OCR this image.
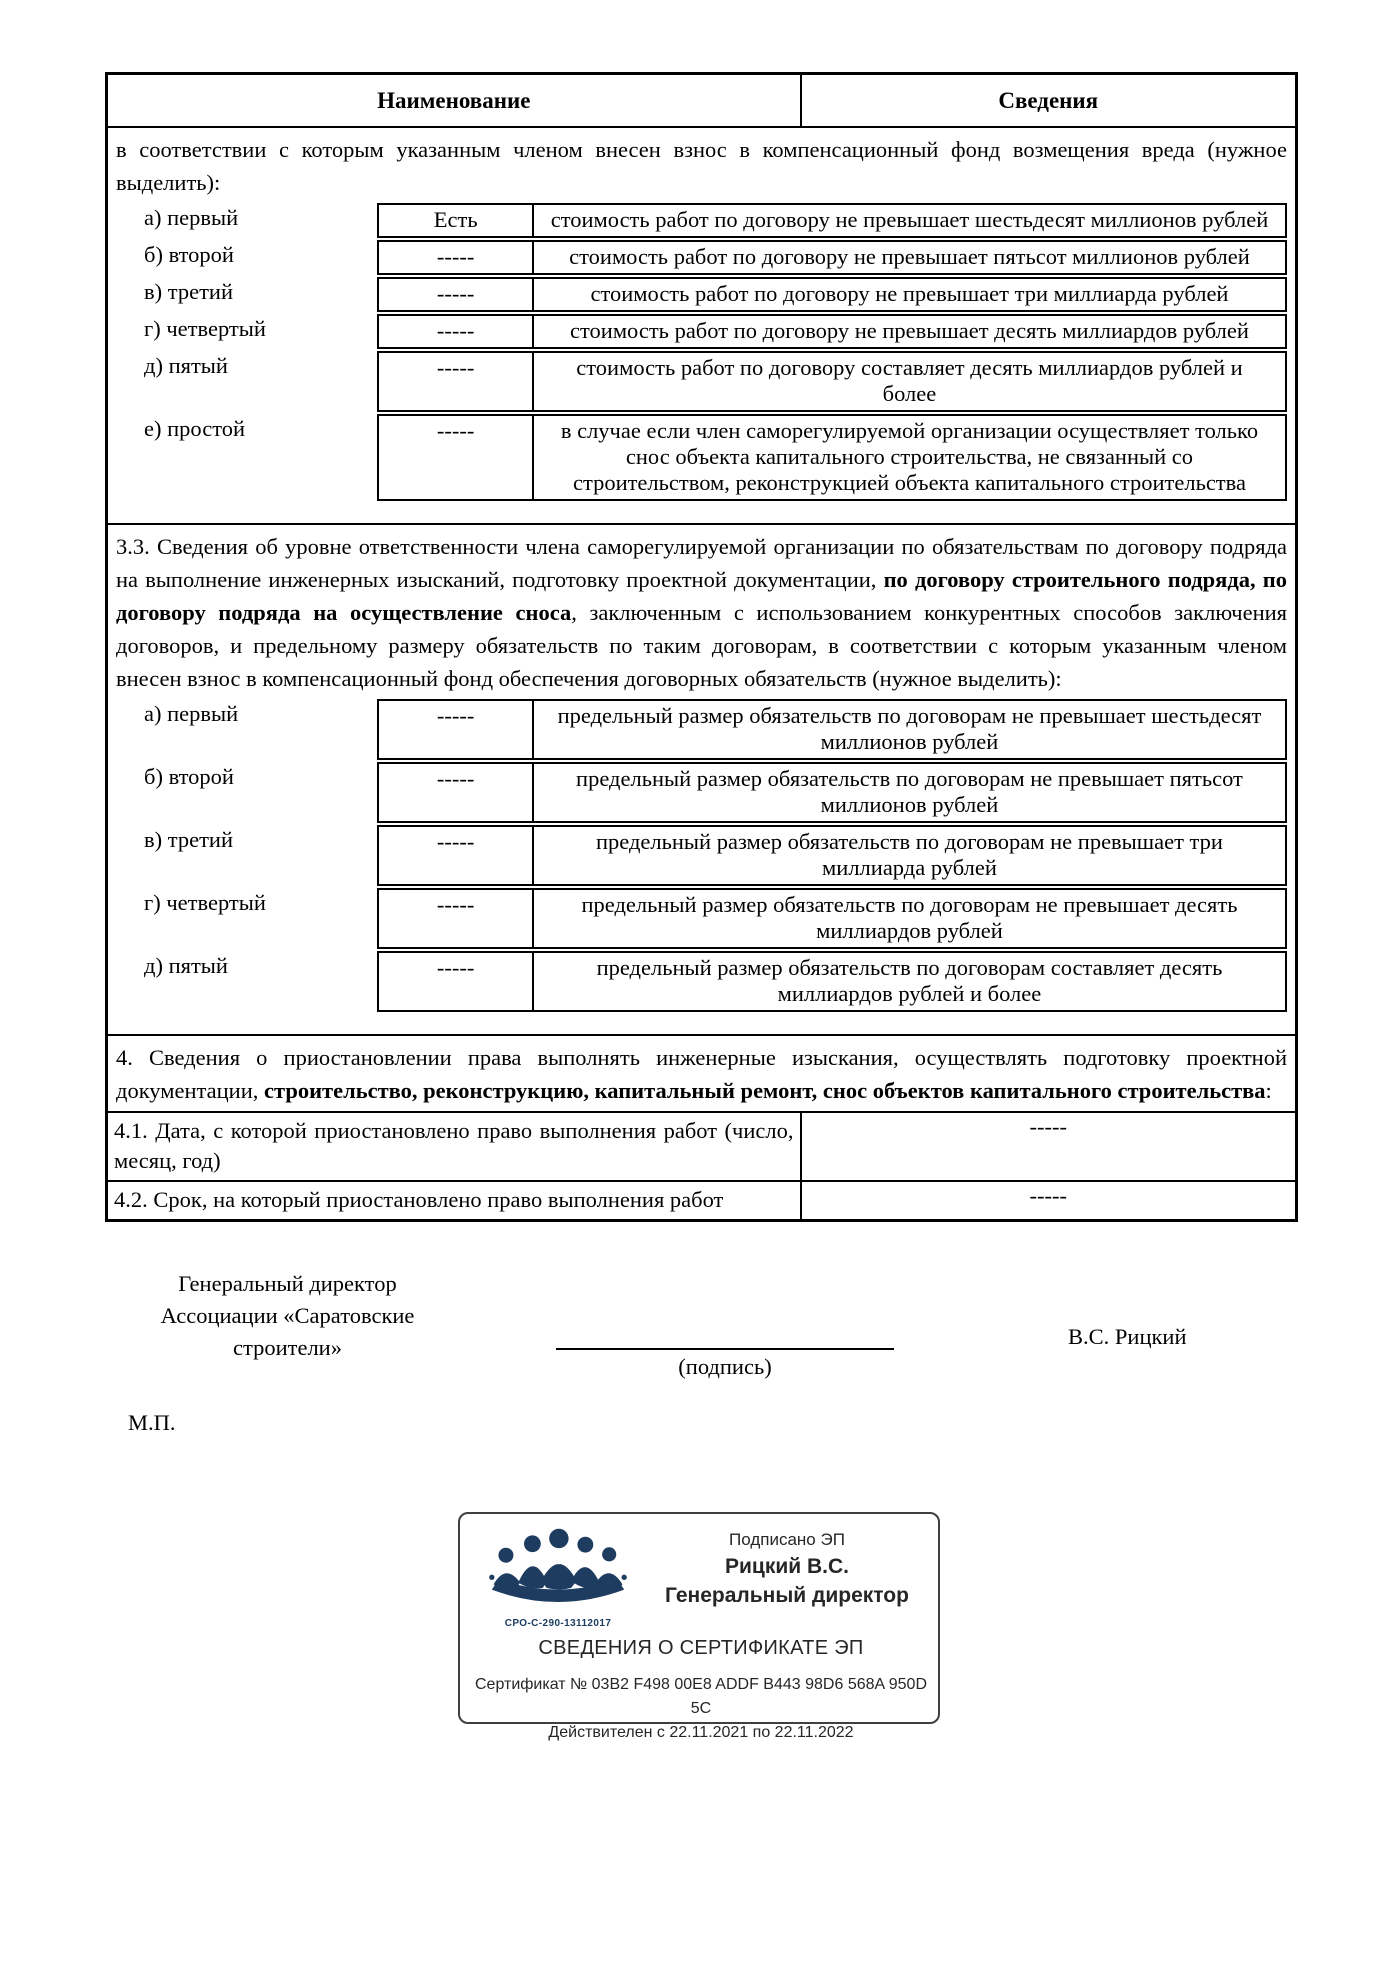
Наименование	Сведения

в соответствии с которым указанным членом внесен взнос в компенсационный фонд возмещения вреда (нужное выделить):

а) первый	Есть	стоимость работ по договору не превышает шестьдесят миллионов рублей
б) второй	-----	стоимость работ по договору не превышает пятьсот миллионов рублей
в) третий	-----	стоимость работ по договору не превышает три миллиарда рублей
г) четвертый	-----	стоимость работ по договору не превышает десять миллиардов рублей
д) пятый	-----	стоимость работ по договору составляет десять миллиардов рублей и более
е) простой	-----	в случае если член саморегулируемой организации осуществляет только снос объекта капитального строительства, не связанный со строительством, реконструкцией объекта капитального строительства

3.3. Сведения об уровне ответственности члена саморегулируемой организации по обязательствам по договору подряда на выполнение инженерных изысканий, подготовку проектной документации, по договору строительного подряда, по договору подряда на осуществление сноса, заключенным с использованием конкурентных способов заключения договоров, и предельному размеру обязательств по таким договорам, в соответствии с которым указанным членом внесен взнос в компенсационный фонд обеспечения договорных обязательств (нужное выделить):

а) первый	-----	предельный размер обязательств по договорам не превышает шестьдесят миллионов рублей
б) второй	-----	предельный размер обязательств по договорам не превышает пятьсот миллионов рублей
в) третий	-----	предельный размер обязательств по договорам не превышает три миллиарда рублей
г) четвертый	-----	предельный размер обязательств по договорам не превышает десять миллиардов рублей
д) пятый	-----	предельный размер обязательств по договорам составляет десять миллиардов рублей и более

4. Сведения о приостановлении права выполнять инженерные изыскания, осуществлять подготовку проектной документации, строительство, реконструкцию, капитальный ремонт, снос объектов капитального строительства:	

4.1. Дата, с которой приостановлено право выполнения работ (число, месяц, год)	-----
4.2. Срок, на который приостановлено право выполнения работ	-----
Генеральный директор
Ассоциации «Саратовские
строители»
(подпись)
В.С. Рицкий
М.П.
СРО-С-290-13112017
Подписано ЭП
Рицкий В.С.
Генеральный директор
СВЕДЕНИЯ О СЕРТИФИКАТЕ ЭП
Сертификат № 03B2 F498 00E8 ADDF B443 98D6 568A 950D 5C
Действителен с 22.11.2021 по 22.11.2022
